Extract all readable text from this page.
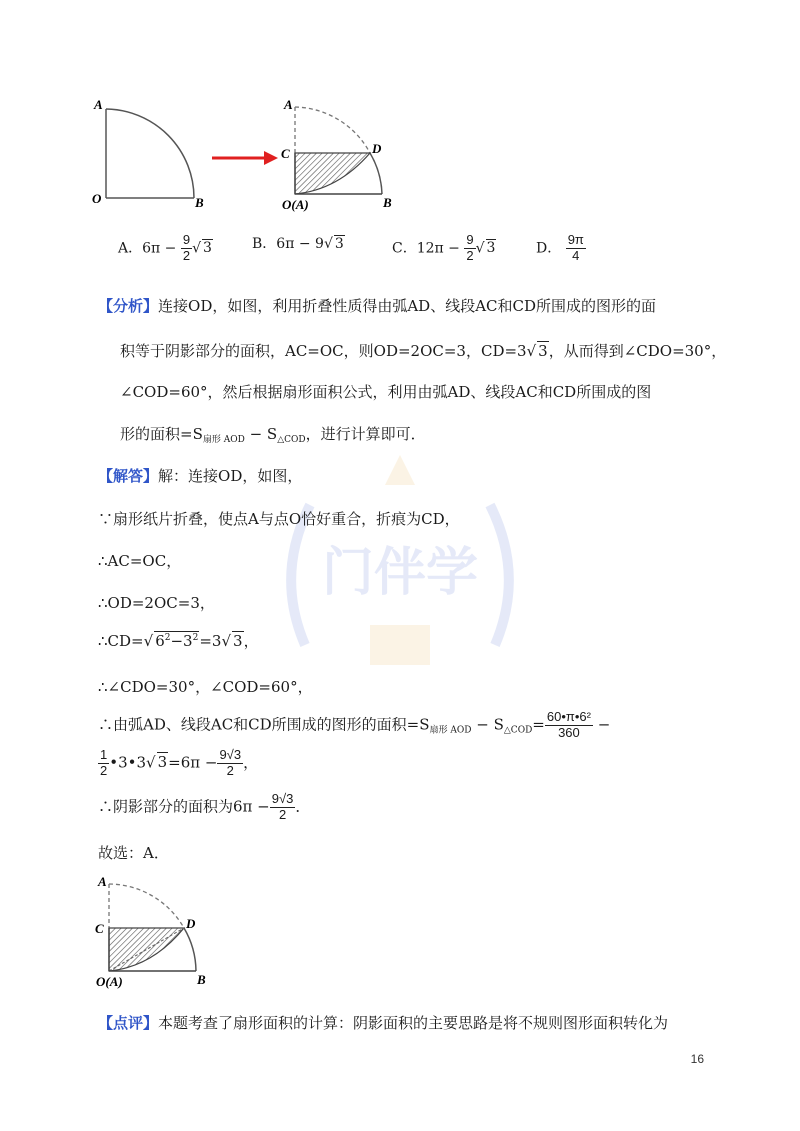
门伴学
A
O	B
A
C	D
O(A)	B
A．$6\pi - \frac{9}{2}$ √ 3	B．6π − 9√ 3	C．$12\pi - \frac{9}{2}$ √ 3	D． $\frac{9\pi}{4}$
【分析】连接OD，如图，利用折叠性质得由弧AD、线段AC和CD所围成的图形的面
积等于阴影部分的面积，AC=OC，则OD=2OC=3，CD=3√ 3，从而得到∠CDO=30°，
∠COD=60°，然后根据扇形面积公式，利用由弧AD、线段AC和CD所围成的图
形的面积$=S_{扇形 AOD} - S_{\triangle COD}$，进行计算即可．
【解答】解：连接OD，如图，
∵扇形纸片折叠，使点A与点O恰好重合，折痕为CD，
∴AC=OC，
∴OD=2OC=3，
∴CD=√ $6^2-3^2=3√$ 3，
∴∠CDO=30°，∠COD=60°，
∴由弧AD、线段AC和CD所围成的图形的面积$=S_{扇形 AOD} - S_{\triangle COD}= \frac{\text{60•π•6²}}{360}$ −
$\frac{1}{2}$ •3•3√ $3=6\pi - \frac{9√3}{2}$ ，
∴阴影部分的面积为$6\pi - \frac{9√3}{2}$ ．
故选：A．
A
C	D
O(A)	B
【点评】本题考查了扇形面积的计算：阴影面积的主要思路是将不规则图形面积转化为
16
